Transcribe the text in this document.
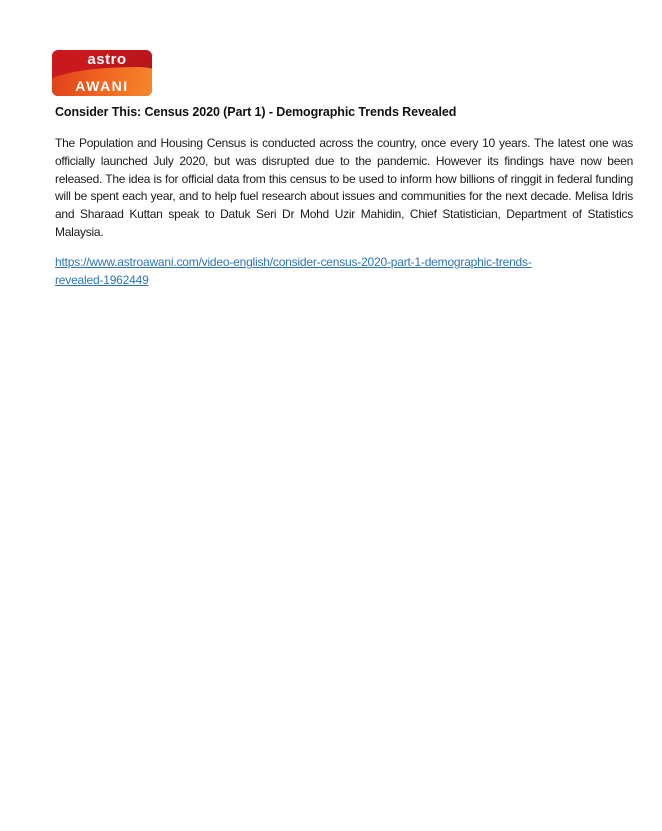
astro
AWANI
Consider This: Census 2020 (Part 1) - Demographic Trends Revealed

The Population and Housing Census is conducted across the country, once every 10 years. The latest one was officially launched July 2020, but was disrupted due to the pandemic. However its findings have now been released. The idea is for official data from this census to be used to inform how billions of ringgit in federal funding will be spent each year, and to help fuel research about issues and communities for the next decade. Melisa Idris and Sharaad Kuttan speak to Datuk Seri Dr Mohd Uzir Mahidin, Chief Statistician, Department of Statistics Malaysia.

https://www.astroawani.com/video-english/consider-census-2020-part-1-demographic-trends-
revealed-1962449
